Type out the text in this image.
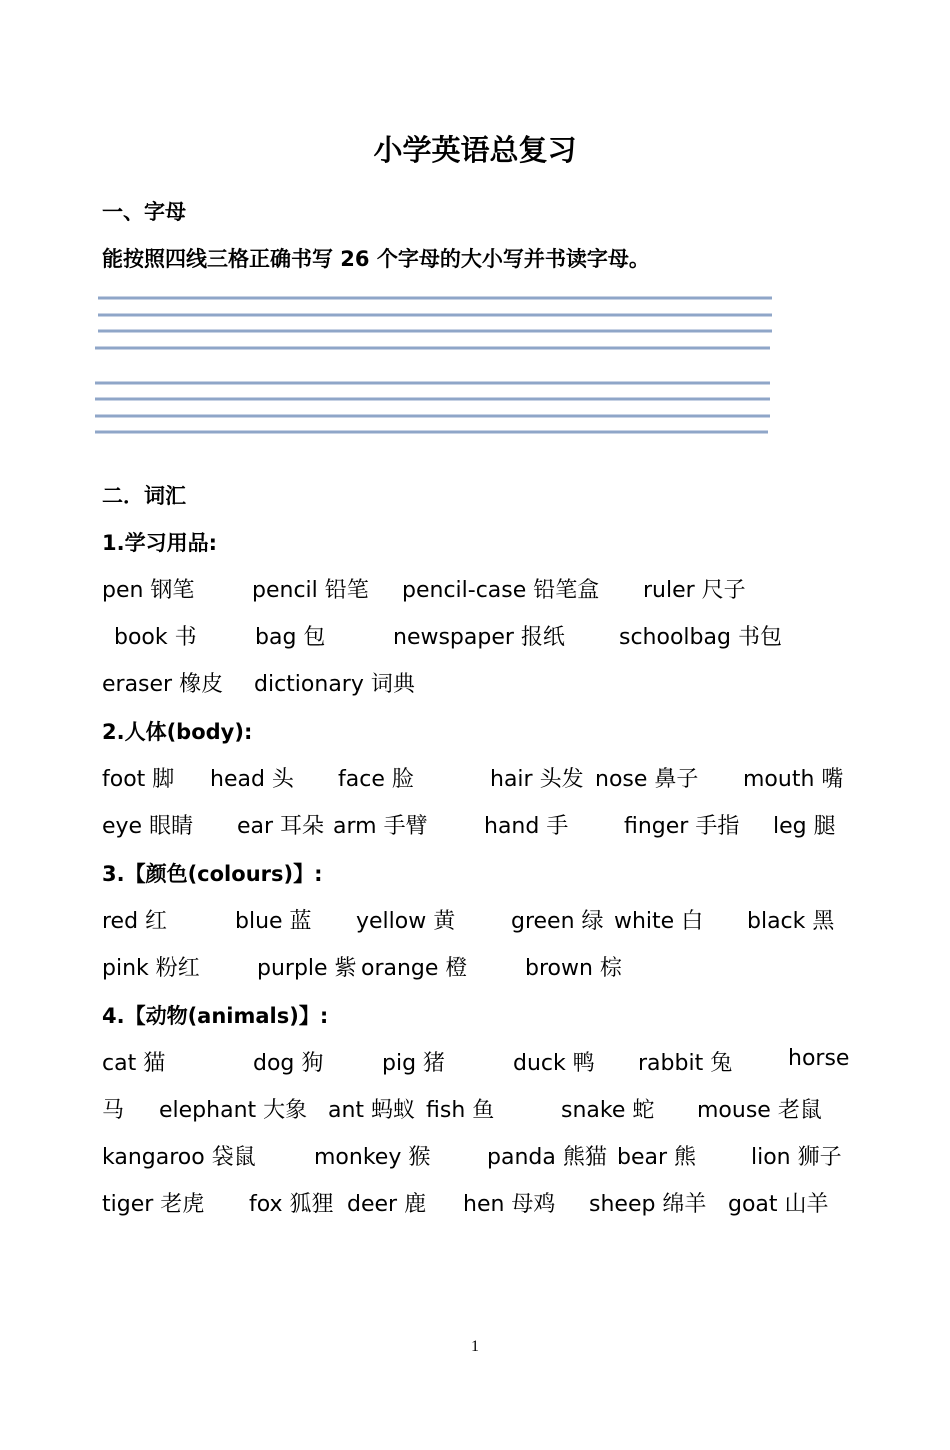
小学英语总复习
一、字母
能按照四线三格正确书写 26 个字母的大小写并书读字母。
二．词汇
1.学习用品:
pen 钢笔	pencil 铅笔 pencil-case 铅笔盒 ruler 尺子
book 书	bag 包	newspaper 报纸 schoolbag 书包
eraser 橡皮 dictionary 词典
2.人体(body):
foot 脚 head 头 face 脸	hair 头发 nose 鼻子 mouth 嘴
eye 眼睛 ear 耳朵 arm 手臂	hand 手	finger 手指 leg 腿
3.【颜色(colours)】:
red 红	blue 蓝 yellow 黄	green 绿 white 白 black 黑
pink 粉红	purple 紫 orange 橙	brown 棕
4.【动物(animals)】:
cat 猫	dog 狗	pig 猪	duck 鸭 rabbit 兔	horse
马 elephant 大象 ant 蚂蚁 fish 鱼	snake 蛇 mouse 老鼠
kangaroo 袋鼠	monkey 猴	panda 熊猫 bear 熊 lion 狮子
tiger 老虎 fox 狐狸 deer 鹿 hen 母鸡 sheep 绵羊 goat 山羊
1
